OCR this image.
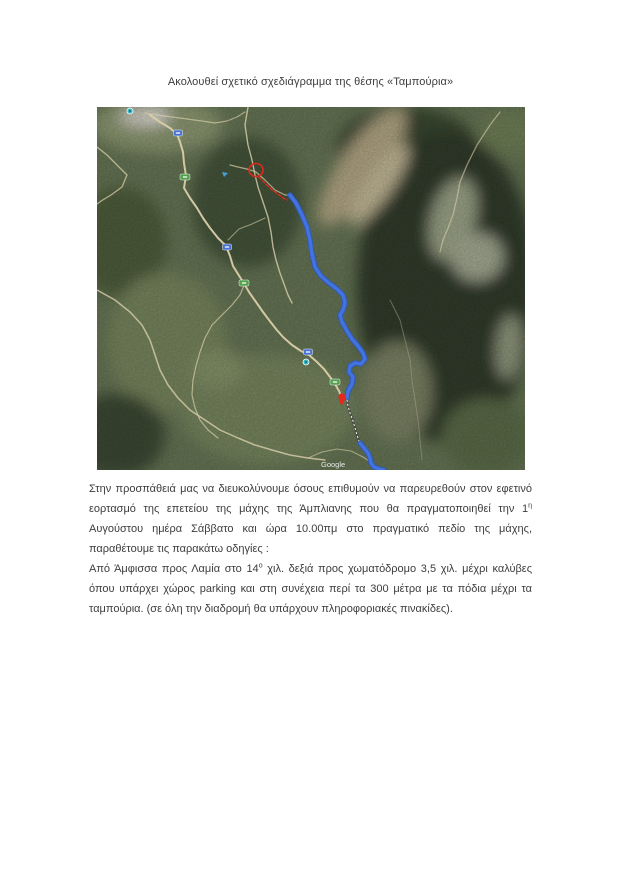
Ακολουθεί σχετικό σχεδιάγραμμα της θέσης «Ταμπούρια»
Google

Στην προσπάθειά μας να διευκολύνουμε όσους επιθυμούν να παρευρεθούν στον εφετινό εορτασμό της επετείου της μάχης της Άμπλιανης που θα πραγματοποιηθεί την $1^\eta$ Αυγούστου ημέρα Σάββατο και ώρα 10.00πμ στο πραγματικό πεδίο της μάχης, παραθέτουμε τις παρακάτω οδηγίες :

Από Άμφισσα προς Λαμία στο $14^o$ χιλ. δεξιά προς χωματόδρομο 3,5 χιλ. μέχρι καλύβες όπου υπάρχει χώρος parking και στη συνέχεια περί τα 300 μέτρα με τα πόδια μέχρι τα ταμπούρια. (σε όλη την διαδρομή θα υπάρχουν πληροφοριακές πινακίδες).
